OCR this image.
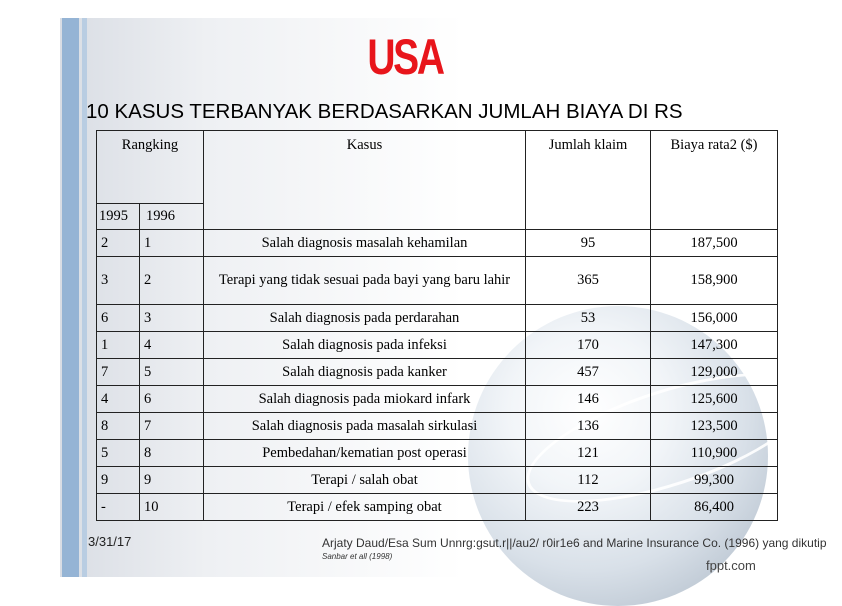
USA
10 KASUS TERBANYAK BERDASARKAN JUMLAH BIAYA DI RS
Rangking		Kasus	Jumlah klaim	Biaya rata2 ($)
1995	1996			
2	1	Salah diagnosis masalah kehamilan	95	187,500
3	2	Terapi yang tidak sesuai pada bayi yang baru lahir	365	158,900
6	3	Salah diagnosis pada perdarahan	53	156,000
1	4	Salah diagnosis pada infeksi	170	147,300
7	5	Salah diagnosis pada kanker	457	129,000
4	6	Salah diagnosis pada miokard infark	146	125,600
8	7	Salah diagnosis pada masalah sirkulasi	136	123,500
5	8	Pembedahan/kematian post operasi	121	110,900
9	9	Terapi / salah obat	112	99,300
-	10	Terapi / efek samping obat	223	86,400
3/31/17	Arjaty Daud/Esa Sum Unnrg:gsut.r||/au2/ r0ir1e6 and Marine Insurance Co. (1996) yang dikutip
Sanbar et all (1998)
fppt.com
